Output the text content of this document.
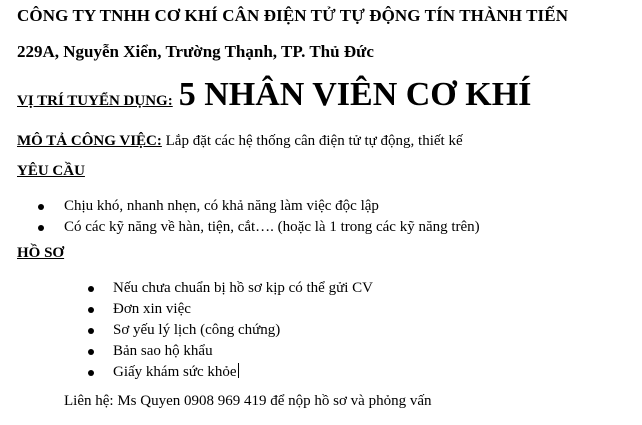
CÔNG TY TNHH CƠ KHÍ CÂN ĐIỆN TỬ TỰ ĐỘNG TÍN THÀNH TIẾN
229A, Nguyễn Xiển, Trường Thạnh, TP. Thủ Đức
VỊ TRÍ TUYỂN DỤNG: 5 NHÂN VIÊN CƠ KHÍ
MÔ TẢ CÔNG VIỆC: Lắp đặt các hệ thống cân điện tử tự động, thiết kế
YÊU CẦU
Chịu khó, nhanh nhẹn, có khả năng làm việc độc lập
Có các kỹ năng về hàn, tiện, cắt…. (hoặc là 1 trong các kỹ năng trên)
HỒ SƠ
Nếu chưa chuẩn bị hồ sơ kịp có thể gửi CV
Đơn xin việc
Sơ yếu lý lịch (công chứng)
Bản sao hộ khẩu
Giấy khám sức khỏe
Liên hệ: Ms Quyen 0908 969 419 để nộp hồ sơ và phỏng vấn
